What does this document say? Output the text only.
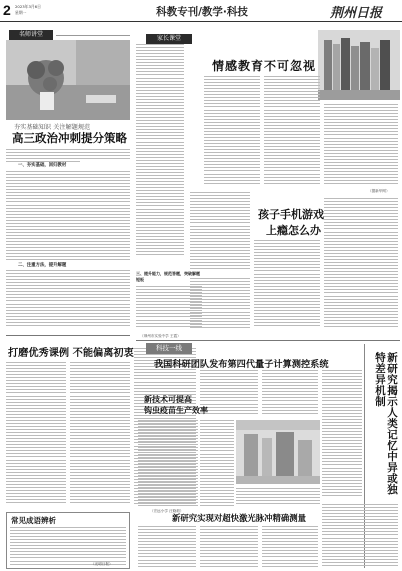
2 2023年3月6日
星期一	科教专刊/教学·科技	荆州日报
名师讲堂
夯实基础知识 关注解题规范
高三政治冲刺提分策略
一、夯实基础，回归教材
二、注重方法，提升解题
三、提升能力，规范答题，突破解题短板
（荆州市实验中学 王霞）
家长课堂
情感教育不可忽视
（据新华网）
孩子手机游戏
上瘾怎么办
打磨优秀课例 不能偏离初衷
（宏远小学 汪晓莉）
常见成语辨析
（光明日报）
科技一线
我国科研团队发布第四代量子计算测控系统
新技术可提高
钩虫疫苗生产效率
新研究实现对超快激光脉冲精确测量
新研究揭示人类记忆中异或独特差异机制
